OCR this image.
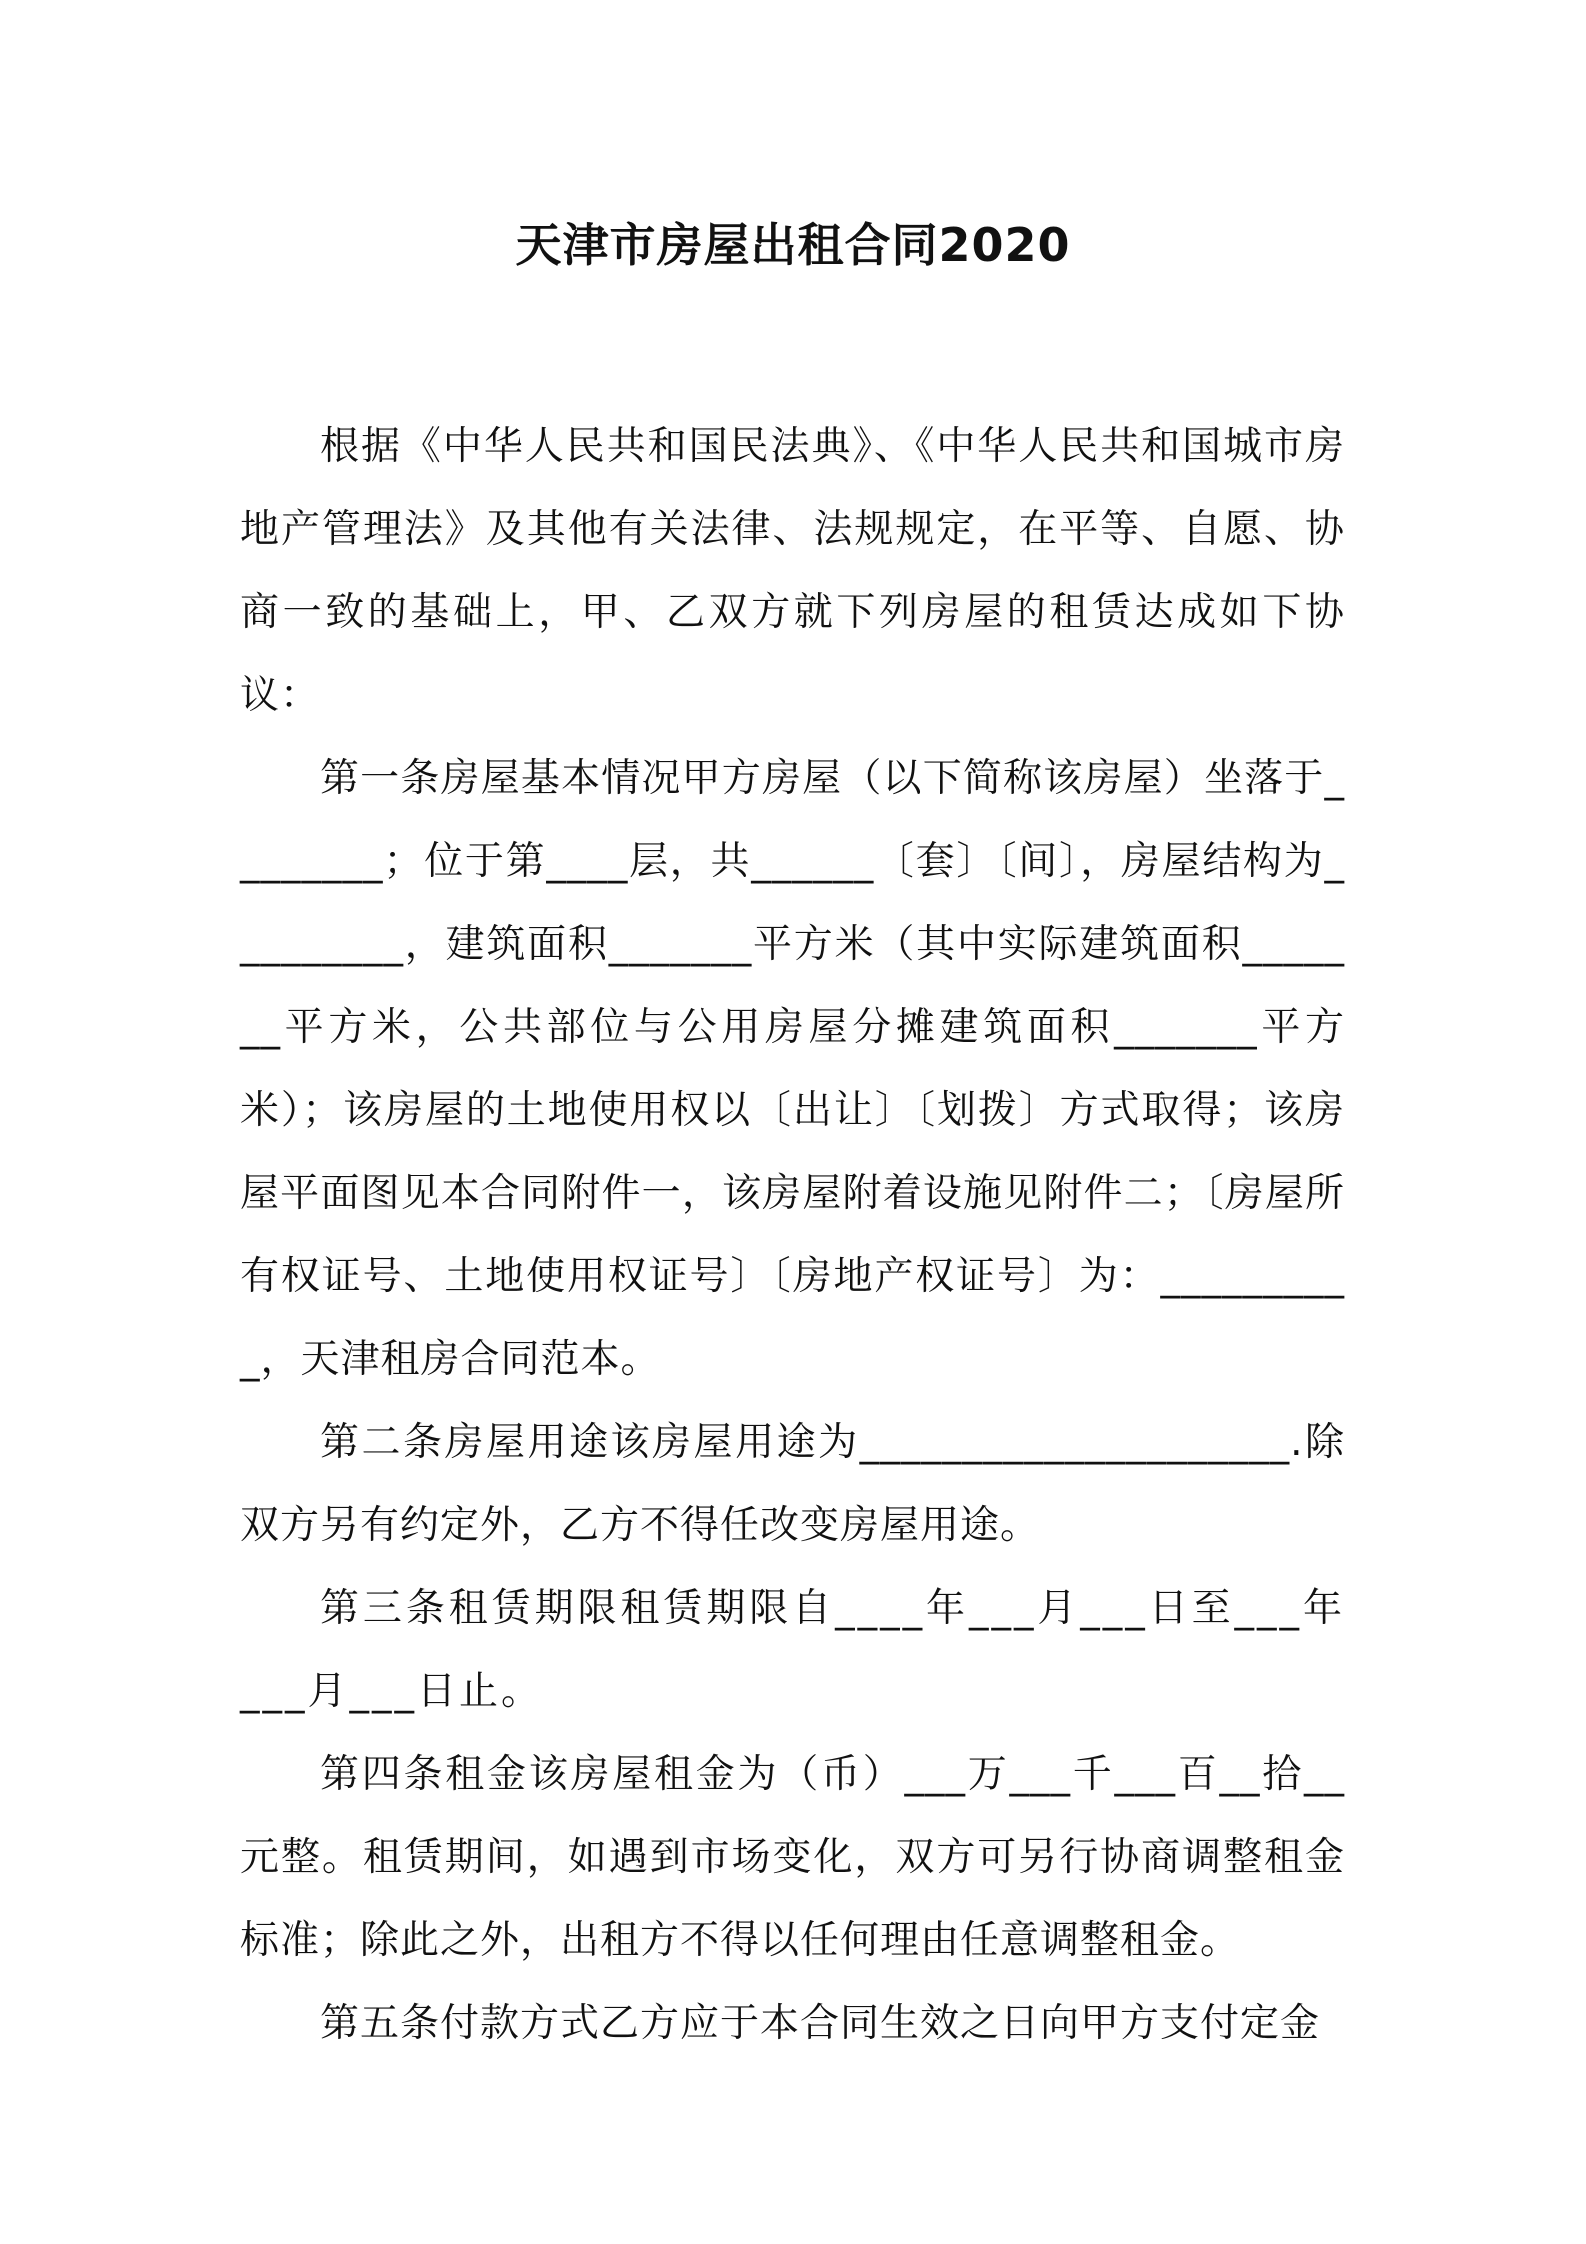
天津市房屋出租合同2020

根据《中华人民共和国民法典》、《中华人民共和国城市房地产管理法》及其他有关法律、法规规定，在平等、自愿、协商一致的基础上，甲、乙双方就下列房屋的租赁达成如下协议：

第一条房屋基本情况甲方房屋（以下简称该房屋）坐落于________；位于第____层，共______〔套〕〔间〕，房屋结构为_________，建筑面积_______平方米（其中实际建筑面积_______平方米，公共部位与公用房屋分摊建筑面积_______平方米）；该房屋的土地使用权以〔出让〕〔划拨〕方式取得；该房屋平面图见本合同附件一，该房屋附着设施见附件二；〔房屋所有权证号、土地使用权证号〕〔房地产权证号〕为：__________，天津租房合同范本。

第二条房屋用途该房屋用途为_____________________.除双方另有约定外，乙方不得任改变房屋用途。

第三条租赁期限租赁期限自____年___月___日至___年___月___日止。

第四条租金该房屋租金为（币）___万___千___百__拾__元整。租赁期间，如遇到市场变化，双方可另行协商调整租金标准；除此之外，出租方不得以任何理由任意调整租金。

第五条付款方式乙方应于本合同生效之日向甲方支付定金
